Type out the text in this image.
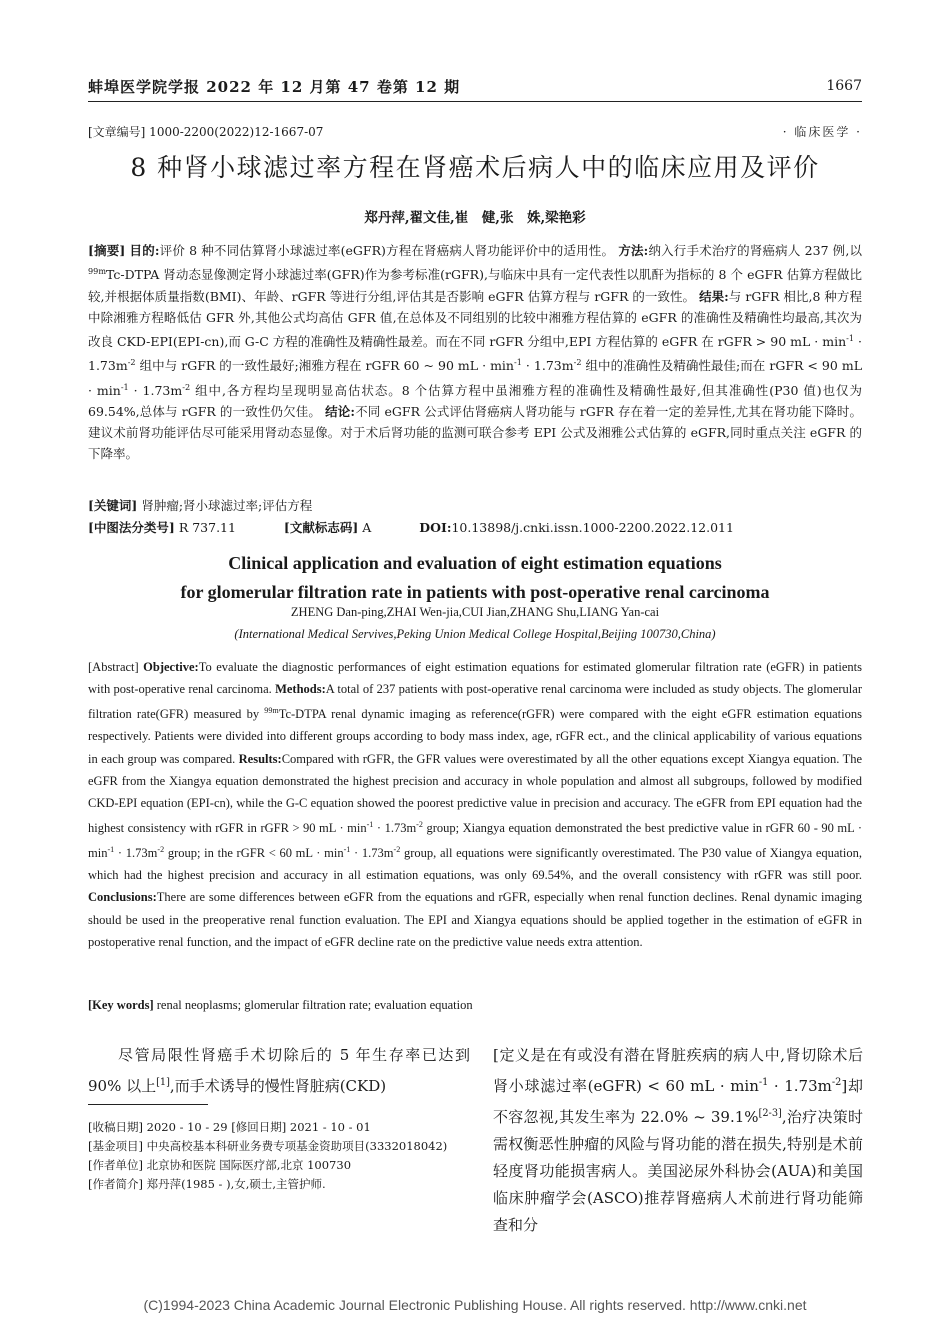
蚌埠医学院学报 2022 年 12 月第 47 卷第 12 期	1667
[文章编号] 1000-2200(2022)12-1667-07	· 临床医学 ·
8 种肾小球滤过率方程在肾癌术后病人中的临床应用及评价
郑丹萍,翟文佳,崔　健,张　姝,梁艳彩
[摘要] 目的:评价 8 种不同估算肾小球滤过率(eGFR)方程在肾癌病人肾功能评价中的适用性。 方法:纳入行手术治疗的肾癌病人 237 例,以$^{99m}$Tc-DTPA 肾动态显像测定肾小球滤过率(GFR)作为参考标准(rGFR),与临床中具有一定代表性以肌酐为指标的 8 个 eGFR 估算方程做比较,并根据体质量指数(BMI)、年龄、rGFR 等进行分组,评估其是否影响 eGFR 估算方程与 rGFR 的一致性。 结果:与 rGFR 相比,8 种方程中除湘雅方程略低估 GFR 外,其他公式均高估 GFR 值,在总体及不同组别的比较中湘雅方程估算的 eGFR 的准确性及精确性均最高,其次为改良 CKD-EPI(EPI-cn),而 G-C 方程的准确性及精确性最差。而在不同 rGFR 分组中,EPI 方程估算的 eGFR 在 rGFR > 90 mL · $\min^{-1} \cdot 1.73m^{-2}$ 组中与 rGFR 的一致性最好;湘雅方程在 rGFR 60 ~ 90 mL · $\min^{-1} \cdot 1.73m^{-2}$ 组中的准确性及精确性最佳;而在 rGFR < 90 mL · $\min^{-1} \cdot 1.73m^{-2}$ 组中,各方程均呈现明显高估状态。8 个估算方程中虽湘雅方程的准确性及精确性最好,但其准确性(P30 值)也仅为 69.54%,总体与 rGFR 的一致性仍欠佳。 结论:不同 eGFR 公式评估肾癌病人肾功能与 rGFR 存在着一定的差异性,尤其在肾功能下降时。建议术前肾功能评估尽可能采用肾动态显像。对于术后肾功能的监测可联合参考 EPI 公式及湘雅公式估算的 eGFR,同时重点关注 eGFR 的下降率。
[关键词] 肾肿瘤;肾小球滤过率;评估方程
[中图法分类号] R 737.11	[文献标志码] A	DOI:10.13898/j.cnki.issn.1000-2200.2022.12.011
Clinical application and evaluation of eight estimation equations
for glomerular filtration rate in patients with post-operative renal carcinoma
ZHENG Dan-ping,ZHAI Wen-jia,CUI Jian,ZHANG Shu,LIANG Yan-cai
(International Medical Servives,Peking Union Medical College Hospital,Beijing 100730,China)
[Abstract] Objective:To evaluate the diagnostic performances of eight estimation equations for estimated glomerular filtration rate (eGFR) in patients with post-operative renal carcinoma. Methods:A total of 237 patients with post-operative renal carcinoma were included as study objects. The glomerular filtration rate(GFR) measured by $^{99m}$Tc-DTPA renal dynamic imaging as reference(rGFR) were compared with the eight eGFR estimation equations respectively. Patients were divided into different groups according to body mass index, age, rGFR ect., and the clinical applicability of various equations in each group was compared. Results:Compared with rGFR, the GFR values were overestimated by all the other equations except Xiangya equation. The eGFR from the Xiangya equation demonstrated the highest precision and accuracy in whole population and almost all subgroups, followed by modified CKD-EPI equation (EPI-cn), while the G-C equation showed the poorest predictive value in precision and accuracy. The eGFR from EPI equation had the highest consistency with rGFR in rGFR > 90 mL · $\min^{-1} \cdot 1.73m^{-2}$ group; Xiangya equation demonstrated the best predictive value in rGFR 60 - 90 mL · $\min^{-1} \cdot 1.73m^{-2}$ group; in the rGFR < 60 mL · $\min^{-1} \cdot 1.73m^{-2}$ group, all equations were significantly overestimated. The P30 value of Xiangya equation, which had the highest precision and accuracy in all estimation equations, was only 69.54%, and the overall consistency with rGFR was still poor. Conclusions:There are some differences between eGFR from the equations and rGFR, especially when renal function declines. Renal dynamic imaging should be used in the preoperative renal function evaluation. The EPI and Xiangya equations should be applied together in the estimation of eGFR in postoperative renal function, and the impact of eGFR decline rate on the predictive value needs extra attention.
[Key words] renal neoplasms; glomerular filtration rate; evaluation equation
尽管局限性肾癌手术切除后的 5 年生存率已达到 90% 以上[1],而手术诱导的慢性肾脏病(CKD)
[收稿日期] 2020 - 10 - 29 [修回日期] 2021 - 10 - 01
[基金项目] 中央高校基本科研业务费专项基金资助项目(3332018042)
[作者单位] 北京协和医院 国际医疗部,北京 100730
[作者简介] 郑丹萍(1985 - ),女,硕士,主管护师.
[定义是在有或没有潜在肾脏疾病的病人中,肾切除术后肾小球滤过率(eGFR) < 60 mL · $\min^{-1} \cdot 1.73m^{-2}$]却不容忽视,其发生率为 22.0% ~ 39.1%[2-3],治疗决策时需权衡恶性肿瘤的风险与肾功能的潜在损失,特别是术前轻度肾功能损害病人。美国泌尿外科协会(AUA)和美国临床肿瘤学会(ASCO)推荐肾癌病人术前进行肾功能筛查和分
(C)1994-2023 China Academic Journal Electronic Publishing House. All rights reserved. http://www.cnki.net
